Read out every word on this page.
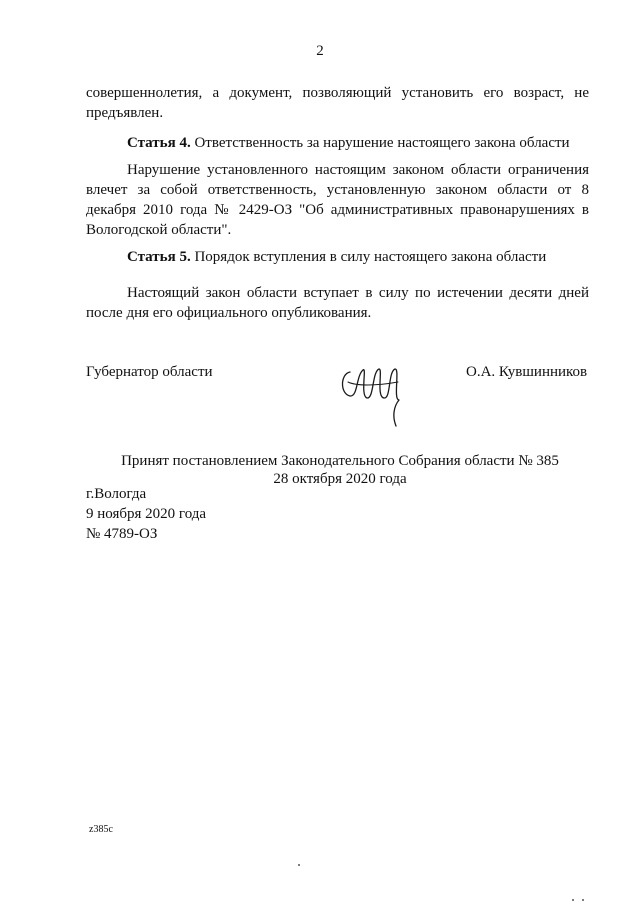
2
совершеннолетия, а документ, позволяющий установить его возраст, не предъявлен.
Статья 4. Ответственность за нарушение настоящего закона области
Нарушение установленного настоящим законом области ограничения влечет за собой ответственность, установленную законом области от 8 декабря 2010 года № 2429-ОЗ "Об административных правонарушениях в Вологодской области".
Статья 5. Порядок вступления в силу настоящего закона области
Настоящий закон области вступает в силу по истечении десяти дней после дня его официального опубликования.
Губернатор области	О.А. Кувшинников
Принят постановлением Законодательного Собрания области № 385
28 октября 2020 года
г.Вологда
9 ноября 2020 года
№ 4789-ОЗ
z385c
